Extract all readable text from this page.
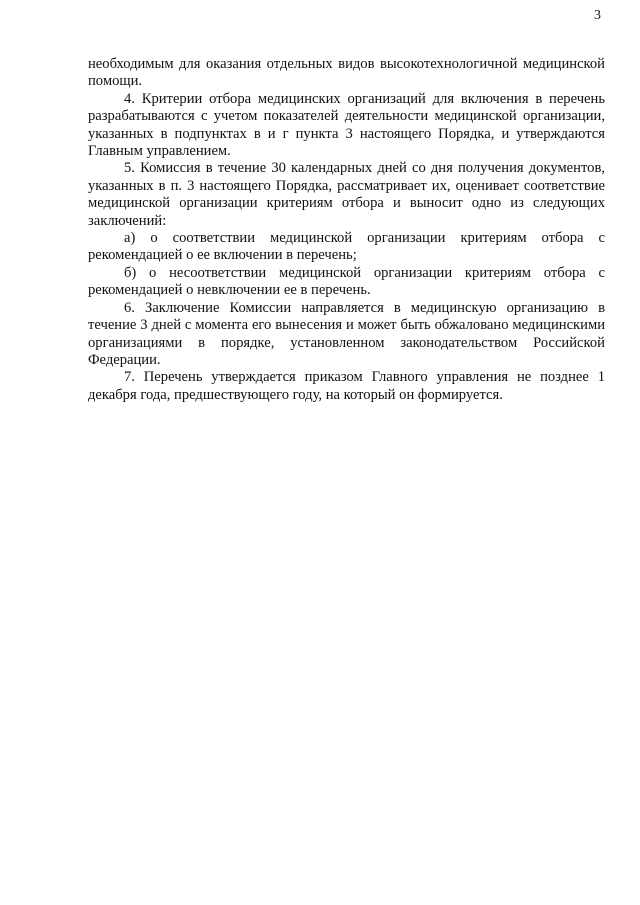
3

необходимым для оказания отдельных видов высокотехнологичной медицинской помощи.

4. Критерии отбора медицинских организаций для включения в перечень разрабатываются с учетом показателей деятельности медицинской организации, указанных в подпунктах в и г пункта 3 настоящего Порядка, и утверждаются Главным управлением.

5. Комиссия в течение 30 календарных дней со дня получения документов, указанных в п. 3 настоящего Порядка, рассматривает их, оценивает соответствие медицинской организации критериям отбора и выносит одно из следующих заключений:

а) о соответствии медицинской организации критериям отбора с рекомендацией о ее включении в перечень;

б) о несоответствии медицинской организации критериям отбора с рекомендацией о невключении ее в перечень.

6. Заключение Комиссии направляется в медицинскую организацию в течение 3 дней с момента его вынесения и может быть обжаловано медицинскими организациями в порядке, установленном законодательством Российской Федерации.

7. Перечень утверждается приказом Главного управления не позднее 1 декабря года, предшествующего году, на который он формируется.
